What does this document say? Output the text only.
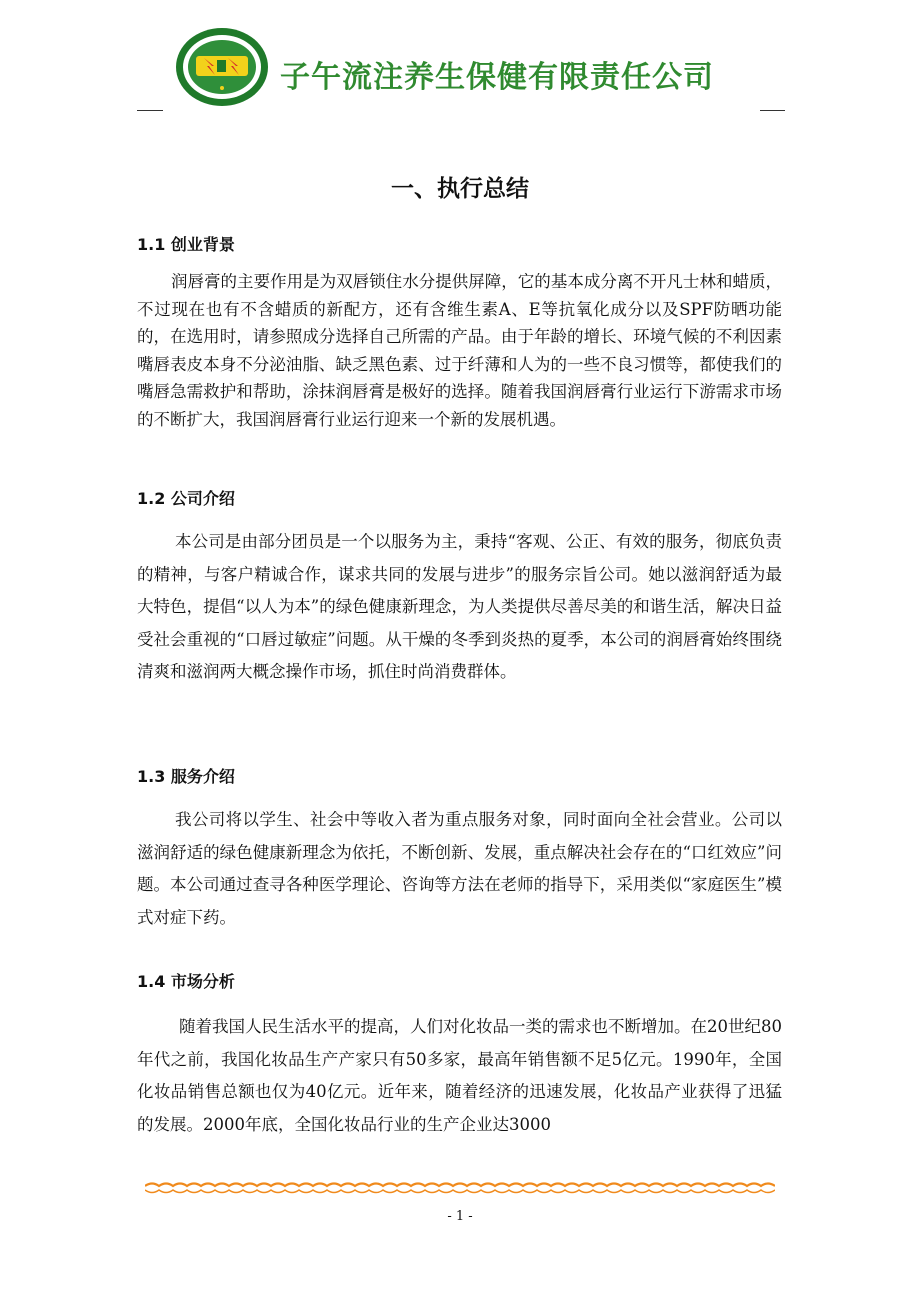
子午流注养生保健有限责任公司
一、执行总结
1.1 创业背景

润唇膏的主要作用是为双唇锁住水分提供屏障，它的基本成分离不开凡士林和蜡质，不过现在也有不含蜡质的新配方，还有含维生素A、E等抗氧化成分以及SPF防晒功能的，在选用时，请参照成分选择自己所需的产品。由于年龄的增长、环境气候的不利因素嘴唇表皮本身不分泌油脂、缺乏黑色素、过于纤薄和人为的一些不良习惯等，都使我们的嘴唇急需救护和帮助，涂抹润唇膏是极好的选择。随着我国润唇膏行业运行下游需求市场的不断扩大，我国润唇膏行业运行迎来一个新的发展机遇。

1.2 公司介绍

本公司是由部分团员是一个以服务为主，秉持“客观、公正、有效的服务，彻底负责的精神，与客户精诚合作，谋求共同的发展与进步”的服务宗旨公司。她以滋润舒适为最大特色，提倡“以人为本”的绿色健康新理念，为人类提供尽善尽美的和谐生活，解决日益受社会重视的“口唇过敏症”问题。从干燥的冬季到炎热的夏季，本公司的润唇膏始终围绕清爽和滋润两大概念操作市场，抓住时尚消费群体。

1.3 服务介绍

我公司将以学生、社会中等收入者为重点服务对象，同时面向全社会营业。公司以滋润舒适的绿色健康新理念为依托，不断创新、发展，重点解决社会存在的“口红效应”问题。本公司通过查寻各种医学理论、咨询等方法在老师的指导下，采用类似“家庭医生”模式对症下药。

1.4 市场分析

随着我国人民生活水平的提高，人们对化妆品一类的需求也不断增加。在20世纪80年代之前，我国化妆品生产产家只有50多家，最高年销售额不足5亿元。1990年，全国化妆品销售总额也仅为40亿元。近年来，随着经济的迅速发展，化妆品产业获得了迅猛的发展。2000年底，全国化妆品行业的生产企业达3000

- 1 -
